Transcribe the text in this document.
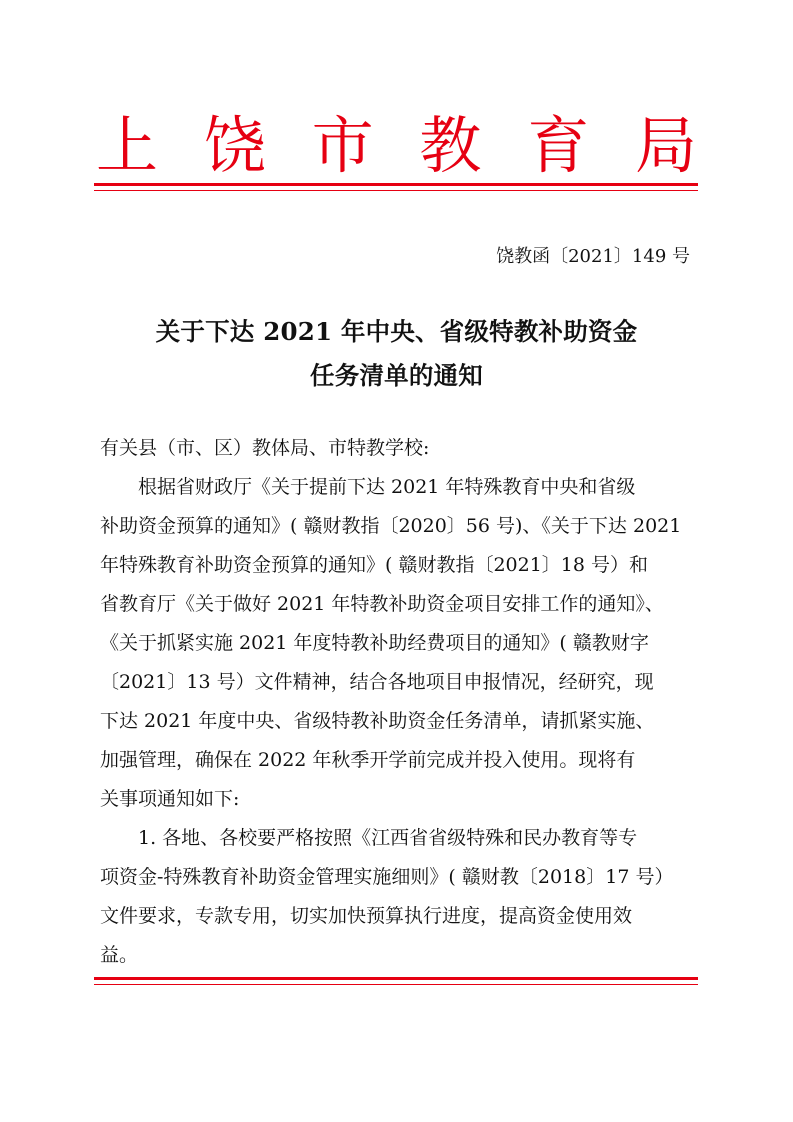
上 饶 市 教 育 局
饶教函〔2021〕149 号
关于下达 2021 年中央、省级特教补助资金
任务清单的通知
有关县（市、区）教体局、市特教学校:
根据省财政厅《关于提前下达 2021 年特殊教育中央和省级
补助资金预算的通知》( 赣财教指〔2020〕56 号)、《关于下达 2021
年特殊教育补助资金预算的通知》( 赣财教指〔2021〕18 号）和
省教育厅《关于做好 2021 年特教补助资金项目安排工作的通知》、
《关于抓紧实施 2021 年度特教补助经费项目的通知》( 赣教财字
〔2021〕13 号）文件精神，结合各地项目申报情况，经研究，现
下达 2021 年度中央、省级特教补助资金任务清单，请抓紧实施、
加强管理，确保在 2022 年秋季开学前完成并投入使用。现将有
关事项通知如下:
1. 各地、各校要严格按照《江西省省级特殊和民办教育等专
项资金-特殊教育补助资金管理实施细则》( 赣财教〔2018〕17 号）
文件要求，专款专用，切实加快预算执行进度，提高资金使用效
益。
